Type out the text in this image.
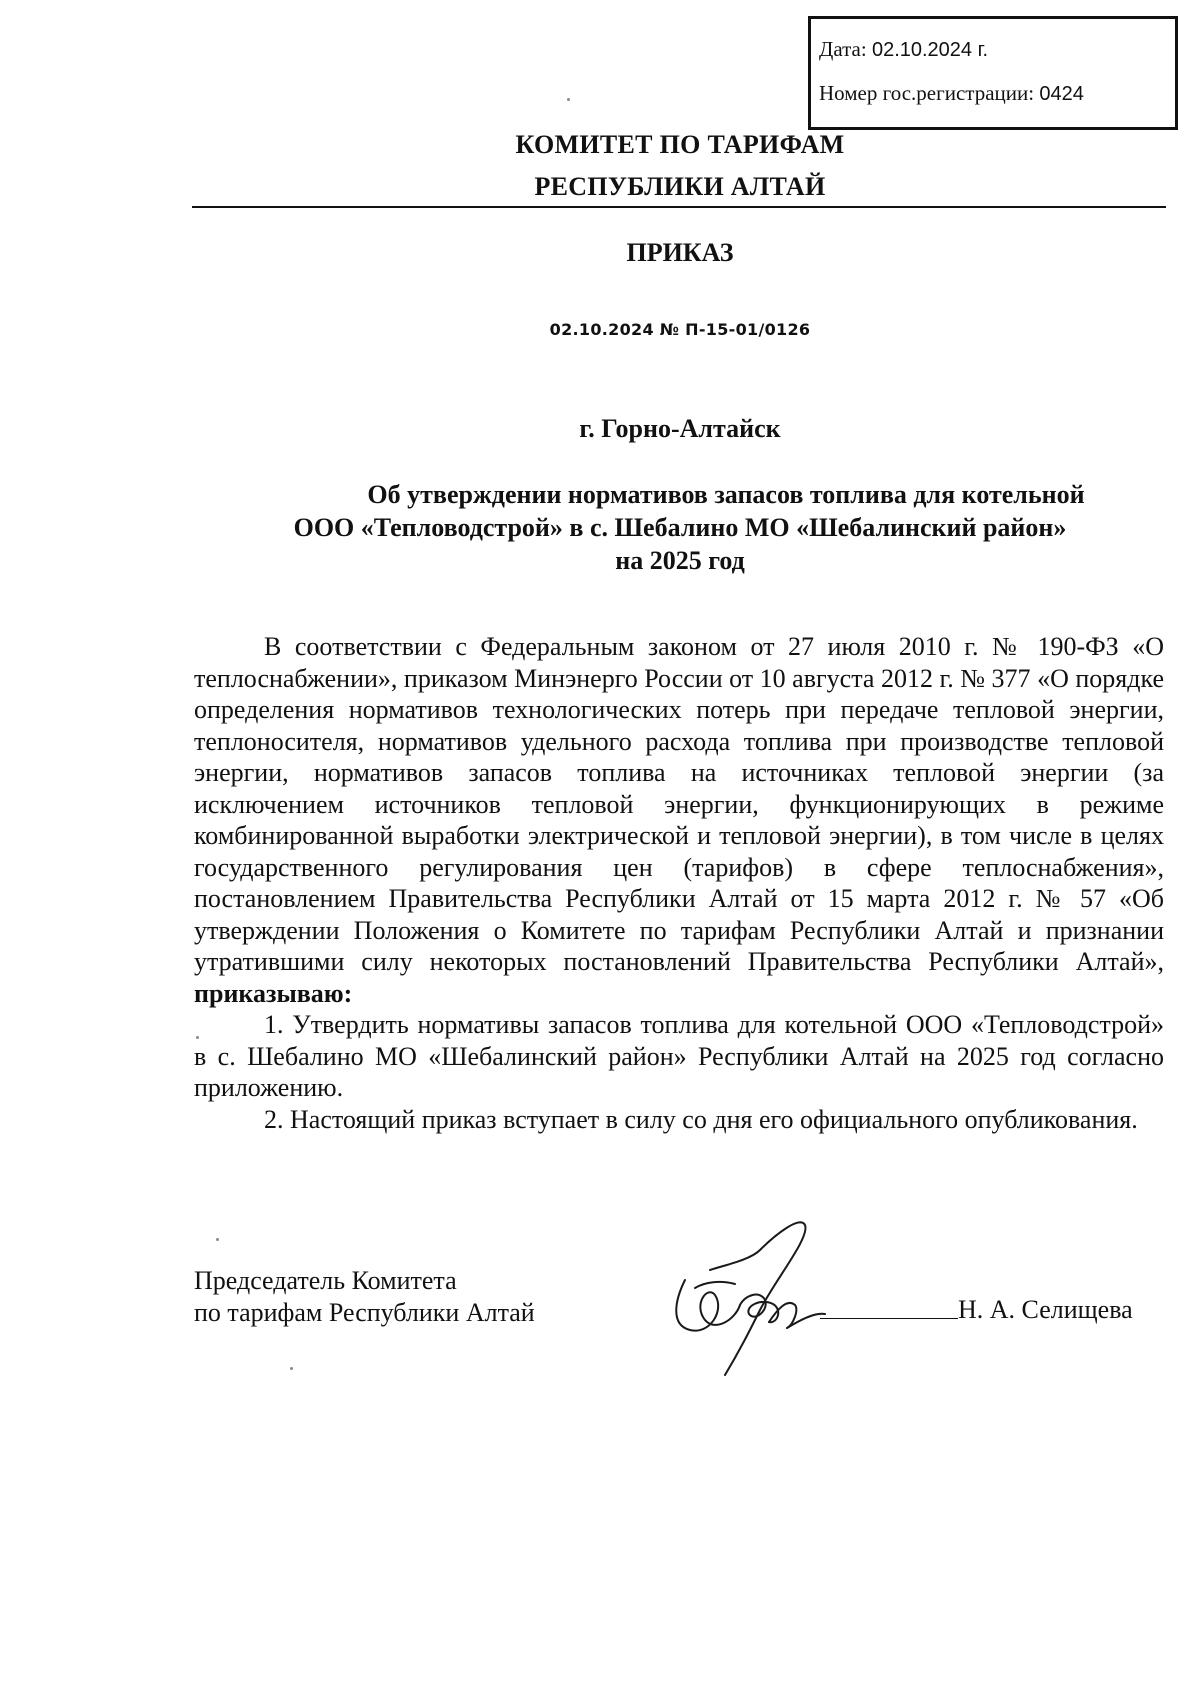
Дата: 02.10.2024 г.
Номер гос.регистрации: 0424
КОМИТЕТ ПО ТАРИФАМ
РЕСПУБЛИКИ АЛТАЙ
ПРИКАЗ
02.10.2024 № П-15-01/0126
г. Горно-Алтайск
Об утверждении нормативов запасов топлива для котельной
ООО «Тепловодстрой» в с. Шебалино МО «Шебалинский район»
на 2025 год

В соответствии с Федеральным законом от 27 июля 2010 г. № 190-ФЗ «О теплоснабжении», приказом Минэнерго России от 10 августа 2012 г. № 377 «О порядке определения нормативов технологических потерь при передаче тепловой энергии, теплоносителя, нормативов удельного расхода топлива при производстве тепловой энергии, нормативов запасов топлива на источниках тепловой энергии (за исключением источников тепловой энергии, функционирующих в режиме комбинированной выработки электрической и тепловой энергии), в том числе в целях государственного регулирования цен (тарифов) в сфере теплоснабжения», постановлением Правительства Республики Алтай от 15 марта 2012 г. № 57 «Об утверждении Положения о Комитете по тарифам Республики Алтай и признании утратившими силу некоторых постановлений Правительства Республики Алтай», приказываю:

1. Утвердить нормативы запасов топлива для котельной ООО «Тепловодстрой» в с. Шебалино МО «Шебалинский район» Республики Алтай на 2025 год согласно приложению.

2. Настоящий приказ вступает в силу со дня его официального опубликования.

Председатель Комитета
по тарифам Республики Алтай	Н. А. Селищева
